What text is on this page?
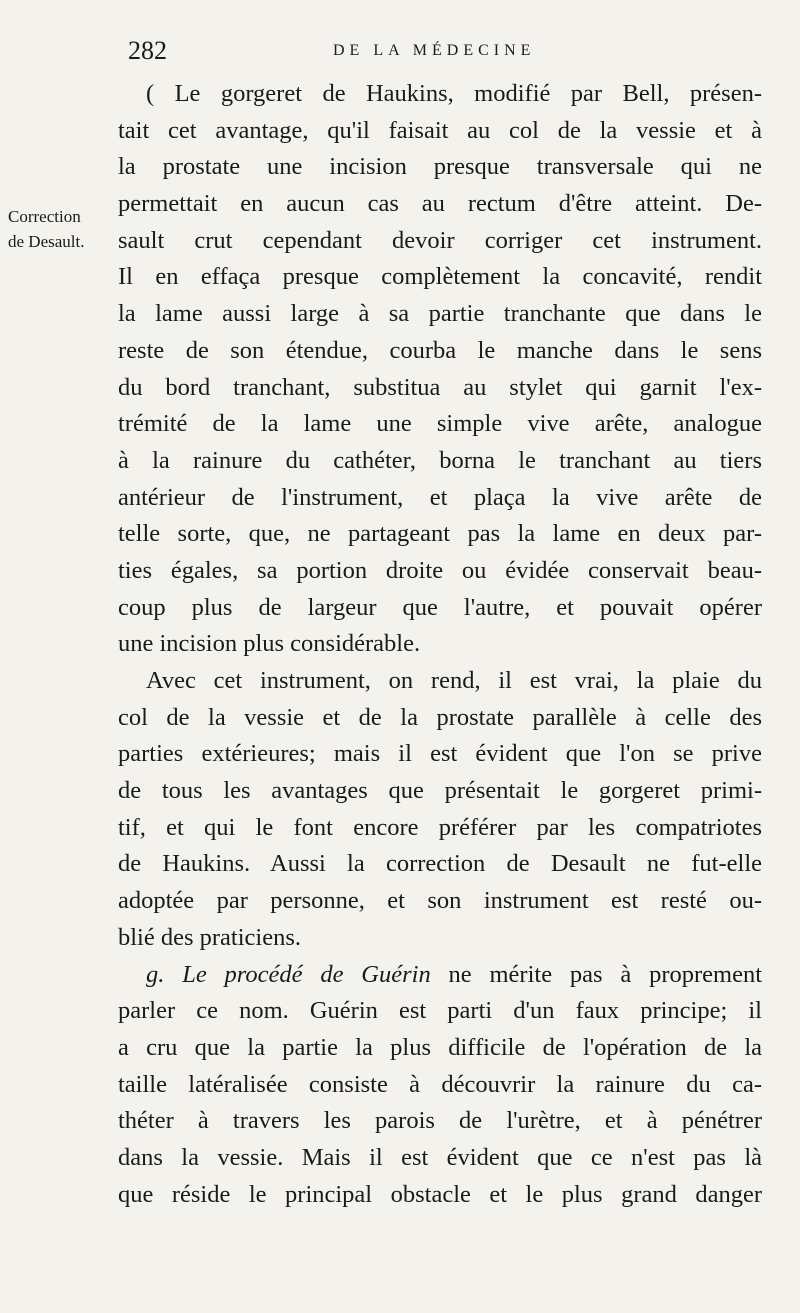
282	DE LA MÉDECINE
Correction
de Desault.
( Le gorgeret de Haukins, modifié par Bell, présen-
tait cet avantage, qu'il faisait au col de la vessie et à
la prostate une incision presque transversale qui ne
permettait en aucun cas au rectum d'être atteint. De-
sault crut cependant devoir corriger cet instrument.
Il en effaça presque complètement la concavité, rendit
la lame aussi large à sa partie tranchante que dans le
reste de son étendue, courba le manche dans le sens
du bord tranchant, substitua au stylet qui garnit l'ex-
trémité de la lame une simple vive arête, analogue
à la rainure du cathéter, borna le tranchant au tiers
antérieur de l'instrument, et plaça la vive arête de
telle sorte, que, ne partageant pas la lame en deux par-
ties égales, sa portion droite ou évidée conservait beau-
coup plus de largeur que l'autre, et pouvait opérer
une incision plus considérable.
Avec cet instrument, on rend, il est vrai, la plaie du
col de la vessie et de la prostate parallèle à celle des
parties extérieures; mais il est évident que l'on se prive
de tous les avantages que présentait le gorgeret primi-
tif, et qui le font encore préférer par les compatriotes
de Haukins. Aussi la correction de Desault ne fut-elle
adoptée par personne, et son instrument est resté ou-
blié des praticiens.
g. Le procédé de Guérin ne mérite pas à proprement
parler ce nom. Guérin est parti d'un faux principe; il
a cru que la partie la plus difficile de l'opération de la
taille latéralisée consiste à découvrir la rainure du ca-
théter à travers les parois de l'urètre, et à pénétrer
dans la vessie. Mais il est évident que ce n'est pas là
que réside le principal obstacle et le plus grand danger
